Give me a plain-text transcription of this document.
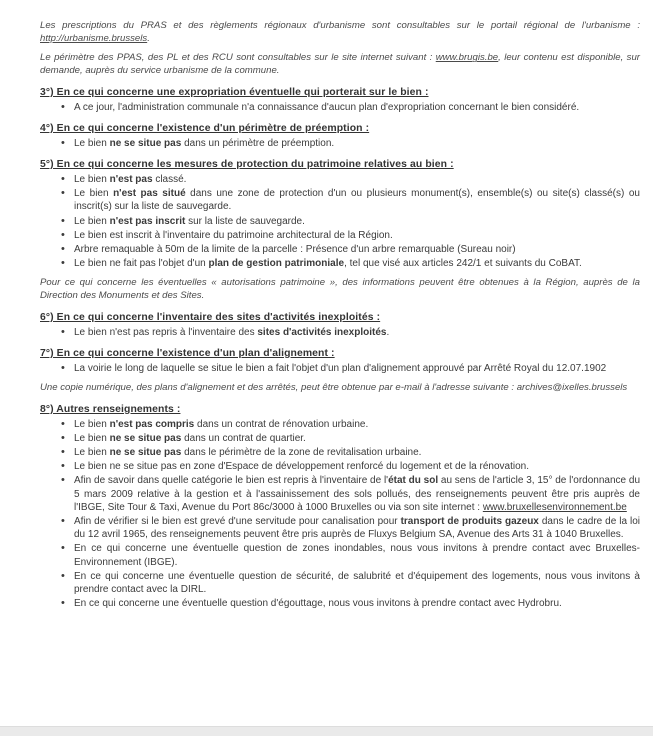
Les prescriptions du PRAS et des règlements régionaux d'urbanisme sont consultables sur le portail régional de l'urbanisme : http://urbanisme.brussels.

Le périmètre des PPAS, des PL et des RCU sont consultables sur le site internet suivant : www.brugis.be, leur contenu est disponible, sur demande, auprès du service urbanisme de la commune.

3°) En ce qui concerne une expropriation éventuelle qui porterait sur le bien :
• A ce jour, l'administration communale n'a connaissance d'aucun plan d'expropriation concernant le bien considéré.
4°) En ce qui concerne l'existence d'un périmètre de préemption :
• Le bien ne se situe pas dans un périmètre de préemption.
5°) En ce qui concerne les mesures de protection du patrimoine relatives au bien :
• Le bien n'est pas classé.
• Le bien n'est pas situé dans une zone de protection d'un ou plusieurs monument(s), ensemble(s) ou site(s) classé(s) ou inscrit(s) sur la liste de sauvegarde.
• Le bien n'est pas inscrit sur la liste de sauvegarde.
• Le bien est inscrit à l'inventaire du patrimoine architectural de la Région.
• Arbre remaquable à 50m de la limite de la parcelle : Présence d'un arbre remarquable (Sureau noir)
• Le bien ne fait pas l'objet d'un plan de gestion patrimoniale, tel que visé aux articles 242/1 et suivants du CoBAT.

Pour ce qui concerne les éventuelles « autorisations patrimoine », des informations peuvent être obtenues à la Région, auprès de la Direction des Monuments et des Sites.

6°) En ce qui concerne l'inventaire des sites d'activités inexploités :
• Le bien n'est pas repris à l'inventaire des sites d'activités inexploités.
7°) En ce qui concerne l'existence d'un plan d'alignement :
• La voirie le long de laquelle se situe le bien a fait l'objet d'un plan d'alignement approuvé par Arrêté Royal du 12.07.1902

Une copie numérique, des plans d'alignement et des arrêtés, peut être obtenue par e-mail à l'adresse suivante : archives@ixelles.brussels

8°) Autres renseignements :
• Le bien n'est pas compris dans un contrat de rénovation urbaine.
• Le bien ne se situe pas dans un contrat de quartier.
• Le bien ne se situe pas dans le périmètre de la zone de revitalisation urbaine.
• Le bien ne se situe pas en zone d'Espace de développement renforcé du logement et de la rénovation.
• Afin de savoir dans quelle catégorie le bien est repris à l'inventaire de l'état du sol au sens de l'article 3, 15° de l'ordonnance du 5 mars 2009 relative à la gestion et à l'assainissement des sols pollués, des renseignements peuvent être pris auprès de l'IBGE, Site Tour & Taxi, Avenue du Port 86c/3000 à 1000 Bruxelles ou via son site internet : www.bruxellesenvironnement.be
• Afin de vérifier si le bien est grevé d'une servitude pour canalisation pour transport de produits gazeux dans le cadre de la loi du 12 avril 1965, des renseignements peuvent être pris auprès de Fluxys Belgium SA, Avenue des Arts 31 à 1040 Bruxelles.
• En ce qui concerne une éventuelle question de zones inondables, nous vous invitons à prendre contact avec Bruxelles-Environnement (IBGE).
• En ce qui concerne une éventuelle question de sécurité, de salubrité et d'équipement des logements, nous vous invitons à prendre contact avec la DIRL.
• En ce qui concerne une éventuelle question d'égouttage, nous vous invitons à prendre contact avec Hydrobru.
